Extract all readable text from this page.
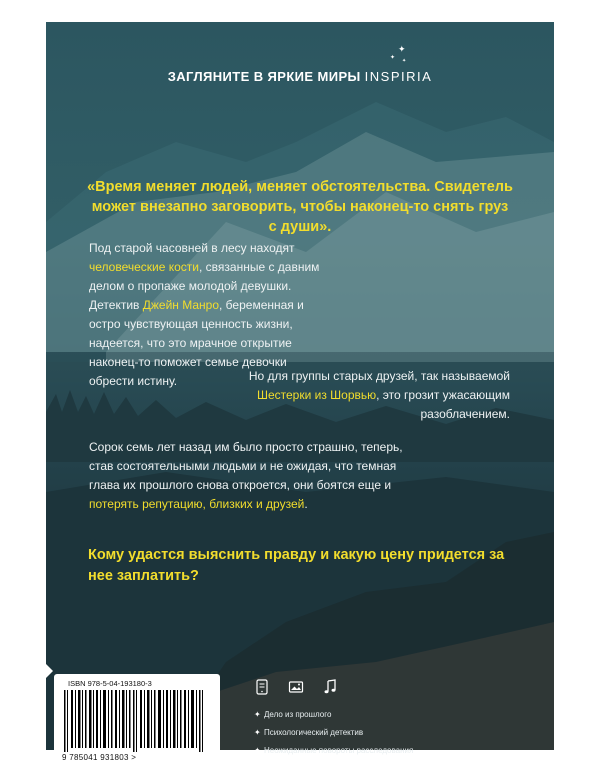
ЗАГЛЯНИТЕ В ЯРКИЕ МИРЫ INSPIRIA
✦
✦ ✦
«Время меняет людей, меняет обстоятельства. Свидетель может внезапно заговорить, чтобы наконец-то снять груз с души».
Под старой часовней в лесу находят человеческие кости, связанные с давним делом о пропаже молодой девушки. Детектив Джейн Манро, беременная и остро чувствующая ценность жизни, надеется, что это мрачное открытие наконец-то поможет семье девочки обрести истину.	Но для группы старых друзей, так называемой Шестерки из Шорвью, это грозит ужасающим разоблачением.
Сорок семь лет назад им было просто страшно, теперь, став состоятельными людьми и не ожидая, что темная глава их прошлого снова откроется, они боятся еще и потерять репутацию, близких и друзей.
Кому удастся выяснить правду и какую цену придется за нее заплатить?
ISBN 978-5-04-193180-3
9 785041 931803 >
✦ Дело из прошлого
✦ Психологический детектив
✦ Неожиданные повороты расследования
